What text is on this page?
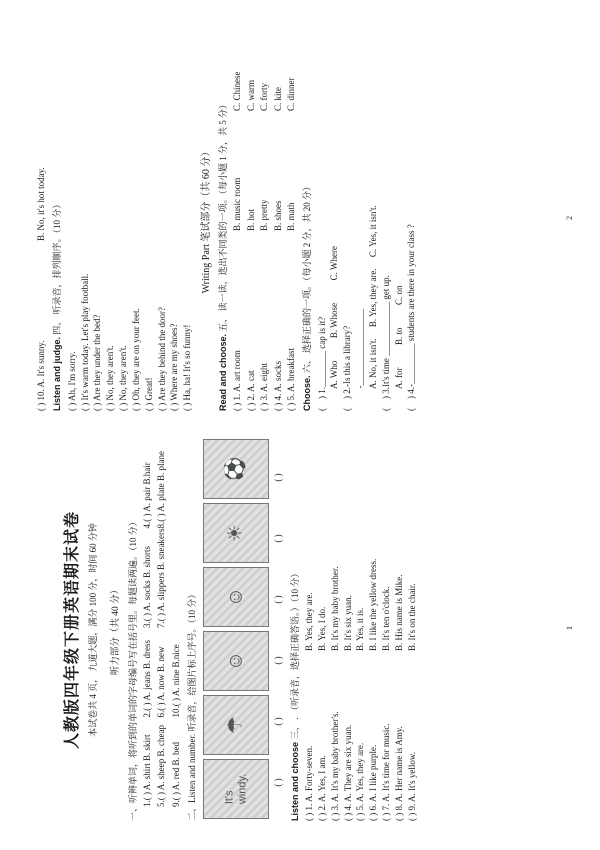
人教版四年级下册英语期末试卷 本试卷共 4 页， 九道大题，满分 100 分，时间 60 分钟 听力部分（共 40 分） 一、听辨单词，将听到的单词的字母编号写在括号里。每题读两遍。（10 分） 1.( ) A. shirt B. skirt
2.( ) A. jeans B. dress
3.( ) A. socks B. shorts
4.( ) A. pair B.hair
5.( ) A. sheep B. cheap
6.( ) A. now B. new
7.( ) A. slippers B. sneakers
8.( ) A. plate B. plane
9.( ) A. red B. bed
10.( ) A. nine B.nice 二、Listen and number. 听录音，给图片标上序号。（10 分） It's windy.
☂
☺
☺
☀
⚽
( )
( )
( )
( )
( )
( )
Listen and choose 三、 . （听录音，选择正确答语。）（10 分）
( ) 1. A. Forty-seven.
B. Yes, they are.
( ) 2. A. Yes, I am.
B. Yes, I do.
( ) 3. A. It's my baby brother's.
B. It's my baby brother.
( ) 4. A. They are six yuan.
B. It's six yuan.
( ) 5. A. Yes, they are.
B. Yes, it is.
( ) 6. A. I like purple.
B. I like the yellow dress.
( ) 7. A. It's time for music.
B. It's ten o'clock.
( ) 8. A. Her name is Amy.
B. His name is Mike.
( ) 9. A. It's yellow.
B. It's on the chair.	1
( ) 10. A. It's sunny.
B. No, it's hot today.
Listen and judge. 四、 听录音，排列顺序。（10 分）
( ) Ah, I'm sorry. ( ) It's warm today. Let's play football. ( ) Are they under the bed? ( ) No, they aren't. ( ) No, they aren't. ( ) Oh, they are on your feet. ( ) Great! ( ) Are they behind the door? ( ) Where are my shoes? ( ) Ha, ha! It's so funny!
Writing Part 笔试部分（共 60 分）
Read and choose. 五、 读一读，选出不同类的一项。（每小题 1 分，共 5 分）
( ) 1. A. art room
B. music room
C. Chinese
( ) 2. A. cat
B. hot
C. warm
( ) 3. A. eight
B. pretty
C. forty
( ) 4. A. socks
B. shoes
C. kite
( ) 5. A. breakfast
B. math
C. dinner
Choose. 六、 选择正确的一项。（每小题 2 分，共 20 分） (    ) 1.________ cap is it? A. Who          B. Whose          C. Where (    ) 2.-Is this a library? -_________________ A. No, it isn't.     B. Yes, they are.     C. Yes, it isn't. (    ) 3.It's time ____________ get up. A. for          B. to          C. on (    ) 4.-_________ students are there in your class ?
2
